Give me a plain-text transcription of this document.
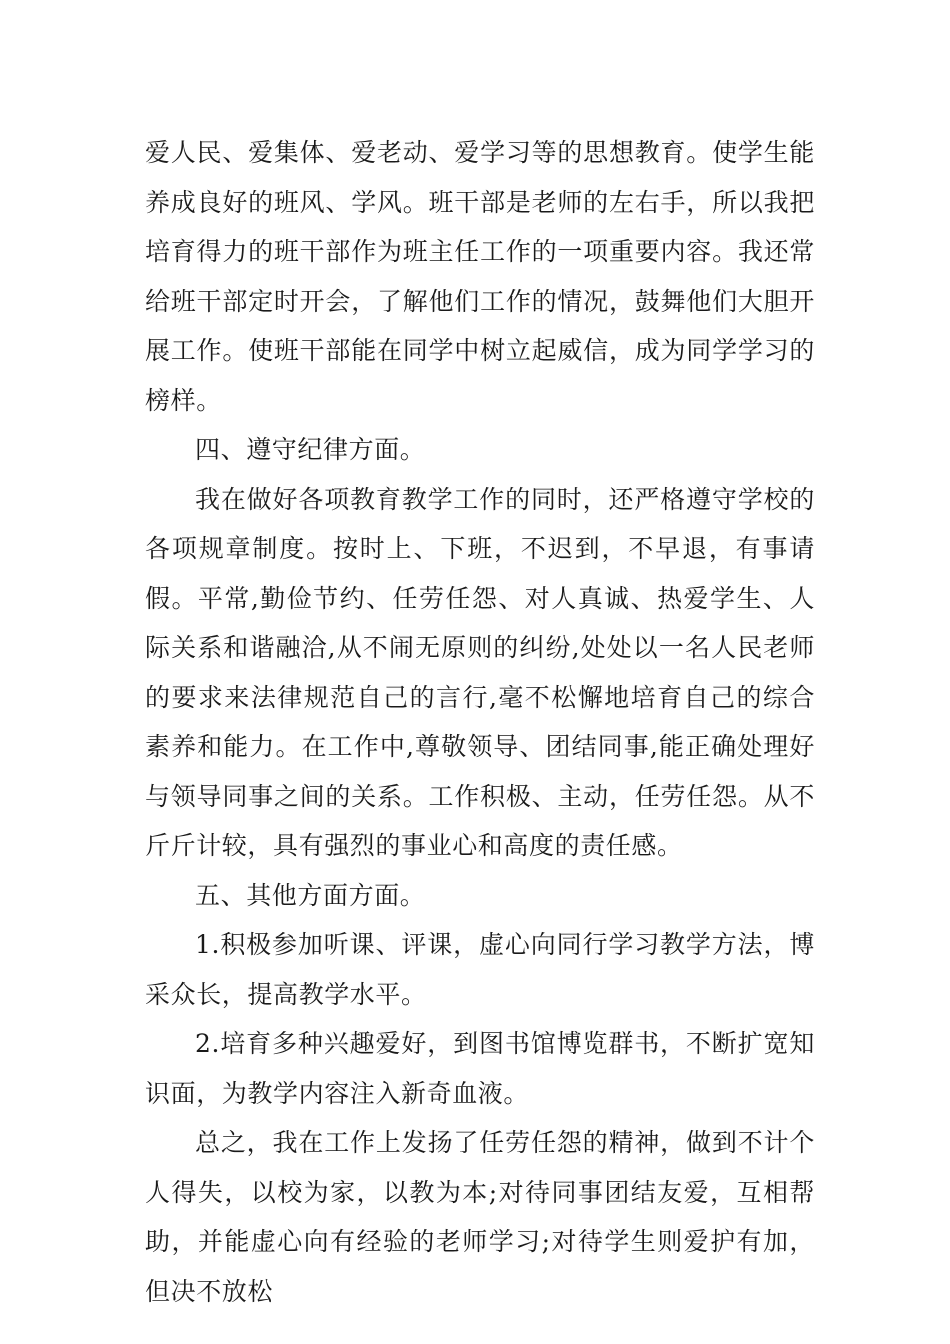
爱人民、爱集体、爱老动、爱学习等的思想教育。使学生能养成良好的班风、学风。班干部是老师的左右手，所以我把培育得力的班干部作为班主任工作的一项重要内容。我还常给班干部定时开会，了解他们工作的情况，鼓舞他们大胆开展工作。使班干部能在同学中树立起威信，成为同学学习的榜样。

四、遵守纪律方面。

我在做好各项教育教学工作的同时，还严格遵守学校的各项规章制度。按时上、下班，不迟到，不早退，有事请假。平常,勤俭节约、任劳任怨、对人真诚、热爱学生、人际关系和谐融洽,从不闹无原则的纠纷,处处以一名人民老师的要求来法律规范自己的言行,毫不松懈地培育自己的综合素养和能力。在工作中,尊敬领导、团结同事,能正确处理好与领导同事之间的关系。工作积极、主动，任劳任怨。从不斤斤计较，具有强烈的事业心和高度的责任感。

五、其他方面方面。

1.积极参加听课、评课，虚心向同行学习教学方法，博采众长，提高教学水平。

2.培育多种兴趣爱好，到图书馆博览群书，不断扩宽知识面，为教学内容注入新奇血液。

总之，我在工作上发扬了任劳任怨的精神，做到不计个人得失，以校为家，以教为本;对待同事团结友爱，互相帮助，并能虚心向有经验的老师学习;对待学生则爱护有加，但决不放松
